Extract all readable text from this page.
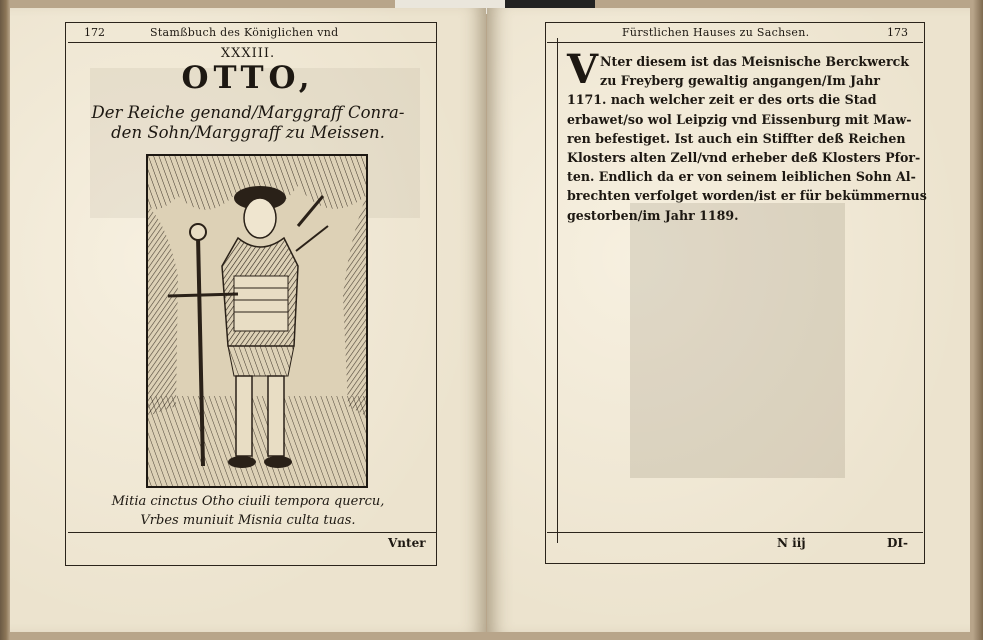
172	Stamßbuch des Königlichen vnd
XXXIII.
OTTO,
Der Reiche genand/Marggraff Conra-
den Sohn/Marggraff zu Meissen.
Mitia cinctus Otho ciuili tempora quercu,
Vrbes muniuit Misnia culta tuas.
Vnter
Fürstlichen Hauses zu Sachsen.	173
V Nter diesem ist das Meisnische Berckwerck
zu Freyberg gewaltig angangen/Im Jahr
1171. nach welcher zeit er des orts die Stad
erbawet/so wol Leipzig vnd Eissenburg mit Maw-
ren befestiget. Ist auch ein Stiffter deß Reichen
Klosters alten Zell/vnd erheber deß Klosters Pfor-
ten. Endlich da er von seinem leiblichen Sohn Al-
brechten verfolget worden/ist er für bekümmernus
gestorben/im Jahr 1189.
N iij	DI-
